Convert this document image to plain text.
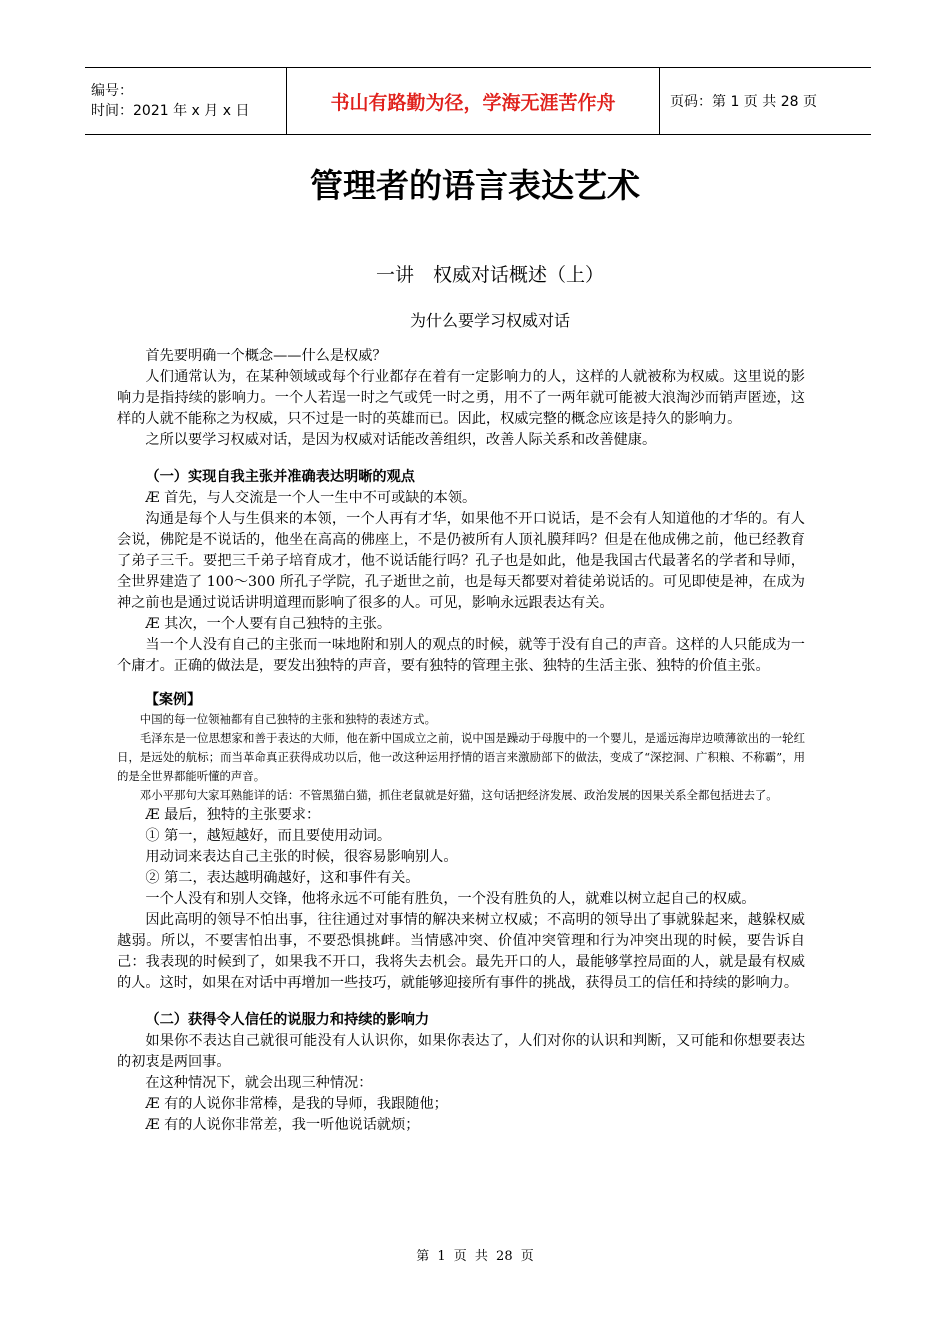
编号：
时间：2021 年 x 月 x 日	书山有路勤为径，学海无涯苦作舟	页码：第 1 页 共 28 页
管理者的语言表达艺术
一讲　权威对话概述（上）
为什么要学习权威对话

首先要明确一个概念——什么是权威？

人们通常认为，在某种领域或每个行业都存在着有一定影响力的人，这样的人就被称为权威。这里说的影响力是指持续的影响力。一个人若逞一时之气或凭一时之勇，用不了一两年就可能被大浪淘沙而销声匿迹，这样的人就不能称之为权威，只不过是一时的英雄而已。因此，权威完整的概念应该是持久的影响力。

之所以要学习权威对话，是因为权威对话能改善组织，改善人际关系和改善健康。

（一）实现自我主张并准确表达明晰的观点

Æ 首先，与人交流是一个人一生中不可或缺的本领。

沟通是每个人与生俱来的本领，一个人再有才华，如果他不开口说话，是不会有人知道他的才华的。有人会说，佛陀是不说话的，他坐在高高的佛座上，不是仍被所有人顶礼膜拜吗？但是在他成佛之前，他已经教育了弟子三千。要把三千弟子培育成才，他不说话能行吗？孔子也是如此，他是我国古代最著名的学者和导师，全世界建造了 100～300 所孔子学院，孔子逝世之前，也是每天都要对着徒弟说话的。可见即使是神，在成为神之前也是通过说话讲明道理而影响了很多的人。可见，影响永远跟表达有关。

Æ 其次，一个人要有自己独特的主张。

当一个人没有自己的主张而一味地附和别人的观点的时候，就等于没有自己的声音。这样的人只能成为一个庸才。正确的做法是，要发出独特的声音，要有独特的管理主张、独特的生活主张、独特的价值主张。

【案例】

中国的每一位领袖都有自己独特的主张和独特的表述方式。

毛泽东是一位思想家和善于表达的大师，他在新中国成立之前，说中国是躁动于母腹中的一个婴儿，是遥远海岸边喷薄欲出的一轮红日，是远处的航标；而当革命真正获得成功以后，他一改这种运用抒情的语言来激励部下的做法，变成了“深挖洞、广积粮、不称霸”，用的是全世界都能听懂的声音。

邓小平那句大家耳熟能详的话：不管黑猫白猫，抓住老鼠就是好猫，这句话把经济发展、政治发展的因果关系全都包括进去了。

Æ 最后，独特的主张要求：

① 第一，越短越好，而且要使用动词。

用动词来表达自己主张的时候，很容易影响别人。

② 第二，表达越明确越好，这和事件有关。

一个人没有和别人交锋，他将永远不可能有胜负，一个没有胜负的人，就难以树立起自己的权威。

因此高明的领导不怕出事，往往通过对事情的解决来树立权威；不高明的领导出了事就躲起来，越躲权威越弱。所以，不要害怕出事，不要恐惧挑衅。当情感冲突、价值冲突管理和行为冲突出现的时候，要告诉自己：我表现的时候到了，如果我不开口，我将失去机会。最先开口的人，最能够掌控局面的人，就是最有权威的人。这时，如果在对话中再增加一些技巧，就能够迎接所有事件的挑战，获得员工的信任和持续的影响力。

（二）获得令人信任的说服力和持续的影响力

如果你不表达自己就很可能没有人认识你，如果你表达了，人们对你的认识和判断，又可能和你想要表达的初衷是两回事。

在这种情况下，就会出现三种情况：

Æ 有的人说你非常棒，是我的导师，我跟随他；

Æ 有的人说你非常差，我一听他说话就烦；

第 1 页 共 28 页
